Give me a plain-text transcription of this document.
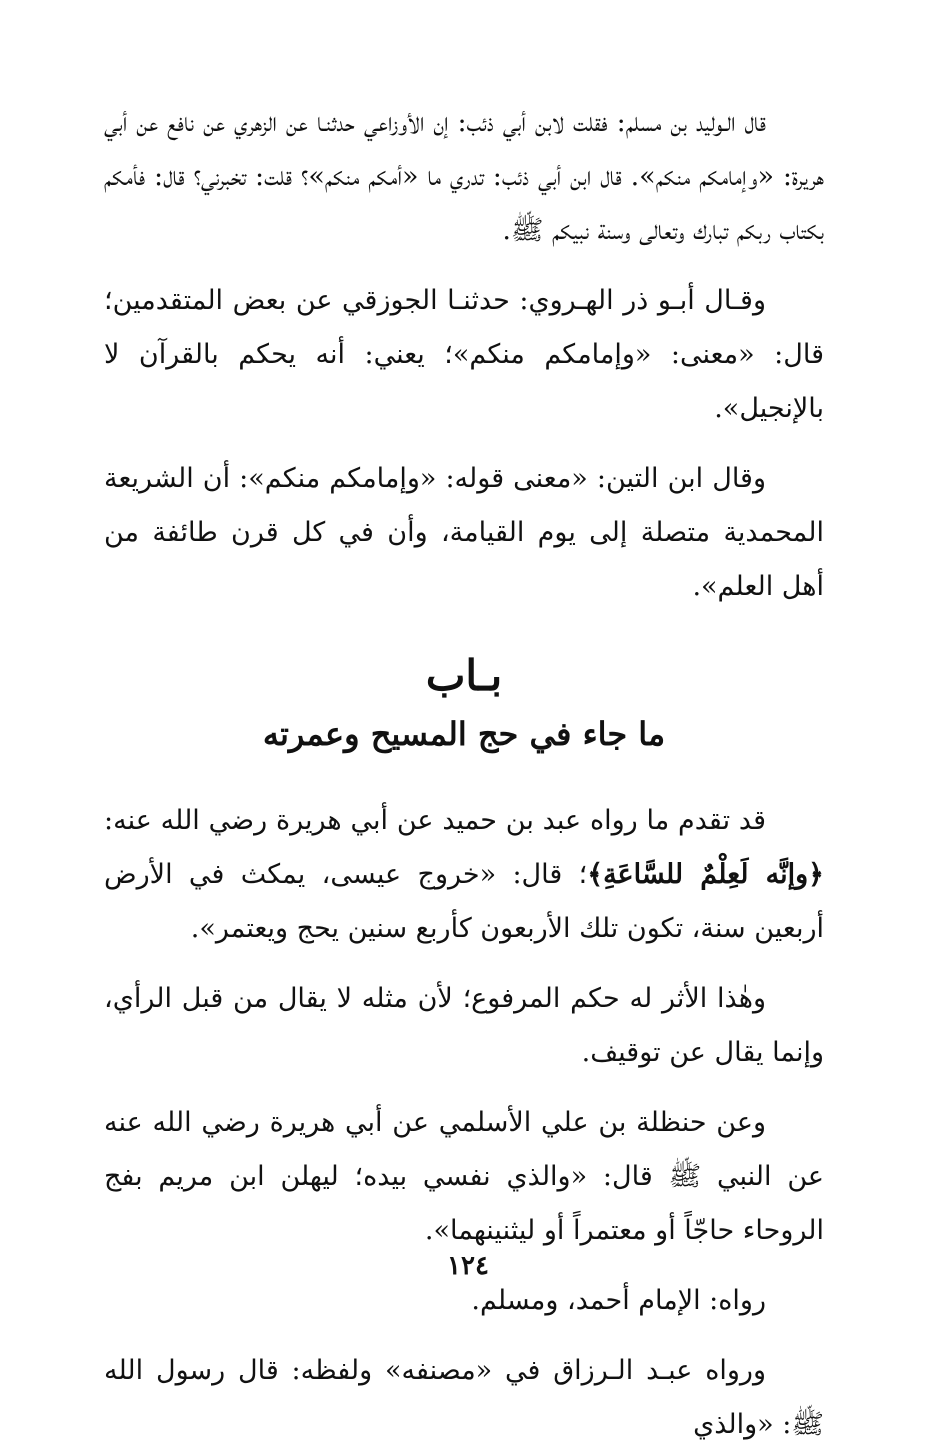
قال الـوليد بن مسلم: فقلت لابن أبي ذئب: إن الأوزاعي حدثنـا عن الزهري عن نافع عن أبي هريرة: «وإمامكم منكم». قال ابن أبي ذئب: تدري ما «أمكم منكم»؟ قلت: تخبرني؟ قال: فأمكم بكتاب ربكم تبارك وتعالى وسنة نبيكم ﷺ.

وقـال أبـو ذر الهـروي: حدثنـا الجوزقي عن بعض المتقدمين؛ قال: «معنى: «وإمامكم منكم»؛ يعني: أنه يحكم بالقرآن لا بالإنجيل».

وقال ابن التين: «معنى قوله: «وإمامكم منكم»: أن الشريعة المحمدية متصلة إلى يوم القيامة، وأن في كل قرن طائفة من أهل العلم».

بـاب

ما جاء في حج المسيح وعمرته

قد تقدم ما رواه عبد بن حميد عن أبي هريرة رضي الله عنه: ﴿وإنَّه لَعِلْمٌ للسَّاعَةِ﴾؛ قال: «خروج عيسى، يمكث في الأرض أربعين سنة، تكون تلك الأربعون كأربع سنين يحج ويعتمر».

وهٰذا الأثر له حكم المرفوع؛ لأن مثله لا يقال من قبل الرأي، وإنما يقال عن توقيف.

وعن حنظلة بن علي الأسلمي عن أبي هريرة رضي الله عنه عن النبي ﷺ قال: «والذي نفسي بيده؛ ليهلن ابن مريم بفج الروحاء حاجّاً أو معتمراً أو ليثنينهما».

رواه: الإمام أحمد، ومسلم.

ورواه عبـد الـرزاق في «مصنفه» ولفظه: قال رسول الله ﷺ: «والذي

١٢٤
